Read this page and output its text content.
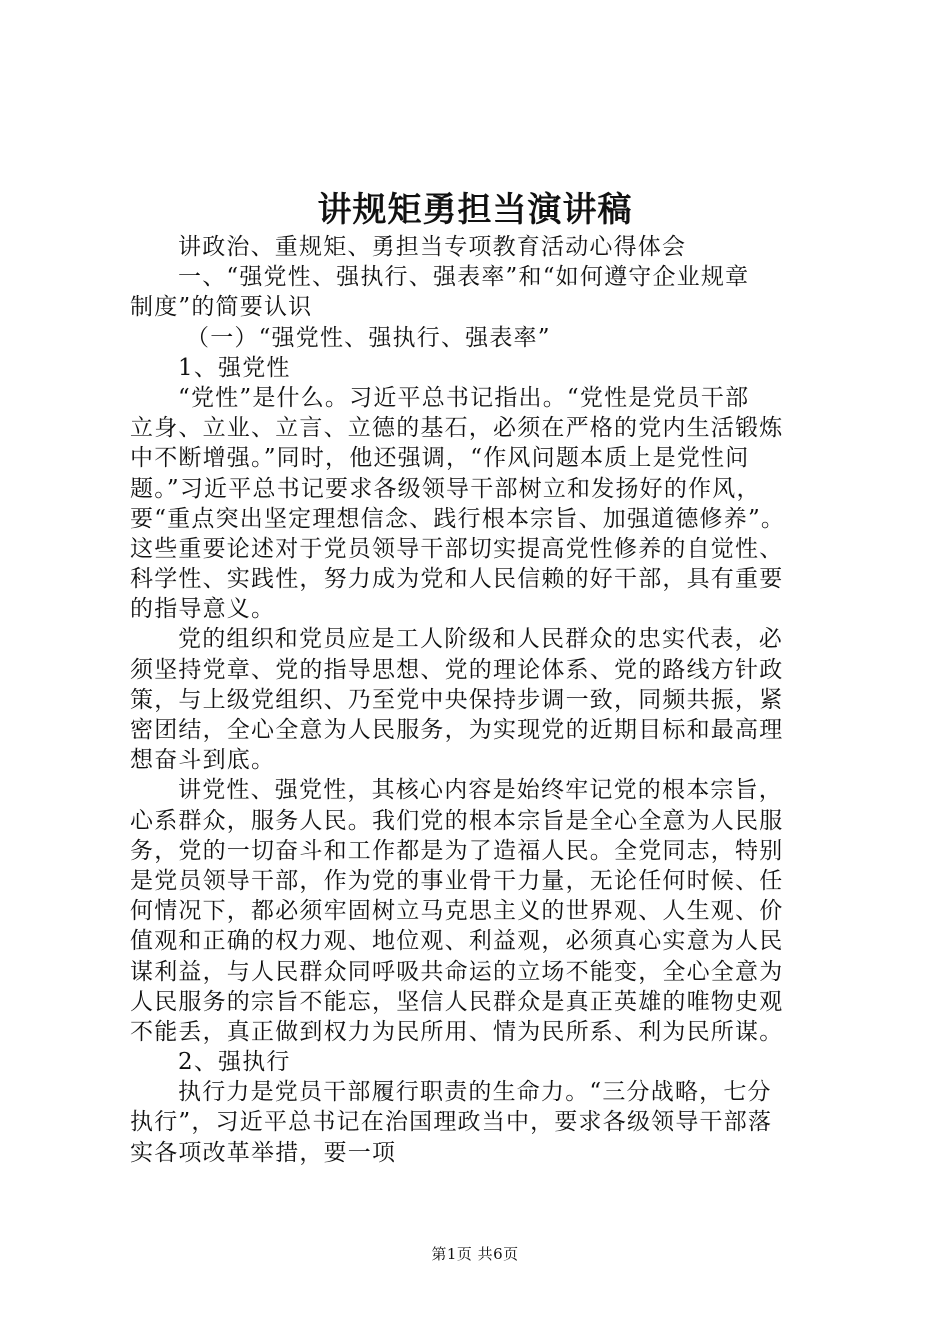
讲规矩勇担当演讲稿

讲政治、重规矩、勇担当专项教育活动心得体会

一、“强党性、强执行、强表率”和“如何遵守企业规章

制度”的简要认识

（一）“强党性、强执行、强表率”

1、强党性

“党性”是什么。习近平总书记指出。“党性是党员干部

立身、立业、立言、立德的基石，必须在严格的党内生活锻炼

中不断增强。”同时，他还强调，“作风问题本质上是党性问

题。”习近平总书记要求各级领导干部树立和发扬好的作风，

要“重点突出坚定理想信念、践行根本宗旨、加强道德修养”。

这些重要论述对于党员领导干部切实提高党性修养的自觉性、

科学性、实践性，努力成为党和人民信赖的好干部，具有重要

的指导意义。

党的组织和党员应是工人阶级和人民群众的忠实代表，必

须坚持党章、党的指导思想、党的理论体系、党的路线方针政

策，与上级党组织、乃至党中央保持步调一致，同频共振，紧

密团结，全心全意为人民服务，为实现党的近期目标和最高理

想奋斗到底。

讲党性、强党性，其核心内容是始终牢记党的根本宗旨，

心系群众，服务人民。我们党的根本宗旨是全心全意为人民服

务，党的一切奋斗和工作都是为了造福人民。全党同志，特别

是党员领导干部，作为党的事业骨干力量，无论任何时候、任

何情况下，都必须牢固树立马克思主义的世界观、人生观、价

值观和正确的权力观、地位观、利益观，必须真心实意为人民

谋利益，与人民群众同呼吸共命运的立场不能变，全心全意为

人民服务的宗旨不能忘，坚信人民群众是真正英雄的唯物史观

不能丢，真正做到权力为民所用、情为民所系、利为民所谋。

2、强执行

执行力是党员干部履行职责的生命力。“三分战略，七分

执行”，习近平总书记在治国理政当中，要求各级领导干部落

实各项改革举措，要一项

第1页 共6页
